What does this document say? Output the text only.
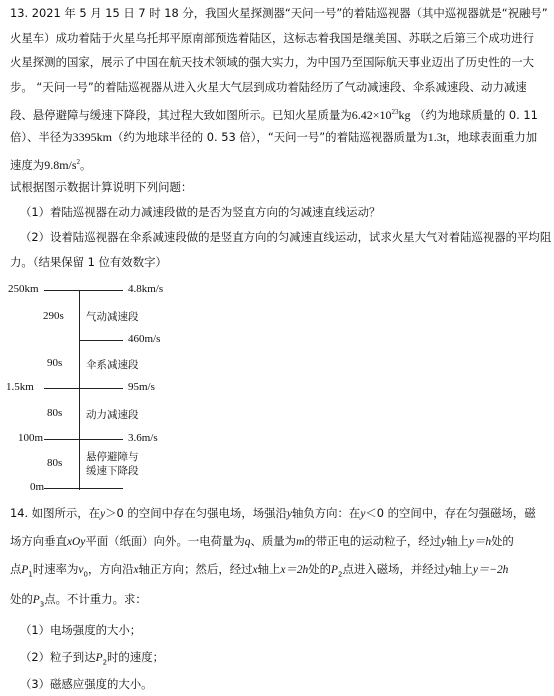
13. 2021 年 5 月 15 日 7 时 18 分，我国火星探测器“天问一号”的着陆巡视器（其中巡视器就是“祝融号”
火星车）成功着陆于火星乌托邦平原南部预选着陆区，这标志着我国是继美国、苏联之后第三个成功进行
火星探测的国家，展示了中国在航天技术领域的强大实力，为中国乃至国际航天事业迈出了历史性的一大
步。 “天问一号”的着陆巡视器从进入火星大气层到成功着陆经历了气动减速段、伞系减速段、动力减速
段、悬停避障与缓速下降段，其过程大致如图所示。已知火星质量为$6.42\times 10^{23}kg$ （约为地球质量的 0. 11
倍）、半径为3395km（约为地球半径的 0. 53 倍），“天问一号”的着陆巡视器质量为1.3t，地球表面重力加
速度为$9.8m/s^2$。
试根据图示数据计算说明下列问题：
（1）着陆巡视器在动力减速段做的是否为竖直方向的匀减速直线运动？
（2）设着陆巡视器在伞系减速段做的是竖直方向的匀减速直线运动，试求火星大气对着陆巡视器的平均阻
力。（结果保留 1 位有效数字）
250km
1.5km
100m
0m
4.8km/s
460m/s
95m/s
3.6m/s
290s
90s
80s
80s
气动减速段
伞系减速段
动力减速段
悬停避障与
缓速下降段
14. 如图所示，在y＞0 的空间中存在匀强电场，场强沿y轴负方向：在y＜0 的空间中，存在匀强磁场，磁
场方向垂直xOy平面（纸面）向外。一电荷量为q、质量为m的带正电的运动粒子，经过y轴上y＝h处的
点$P_1$时速率为$v_0$，方向沿x轴正方向；然后，经过x轴上x＝2h处的$P_2$点进入磁场，并经过y轴上y＝−2h
处的$P_3$点。不计重力。求：
（1）电场强度的大小；
（2）粒子到达$P_2$时的速度；
（3）磁感应强度的大小。
